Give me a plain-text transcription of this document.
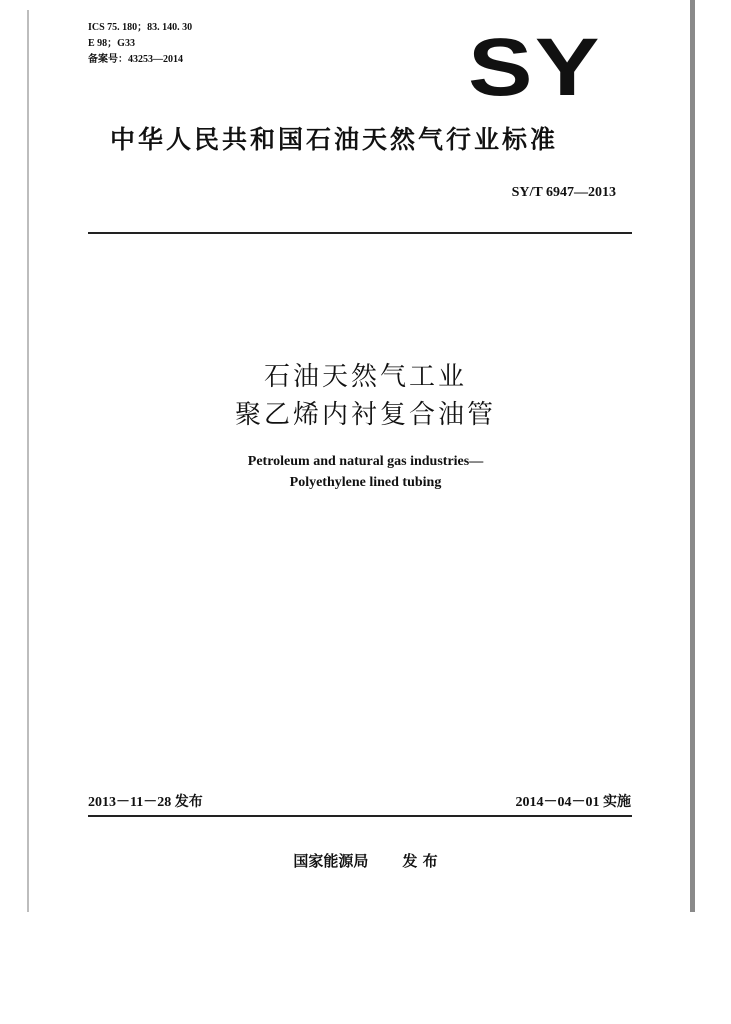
ICS 75. 180；83. 140. 30
E 98；G33
备案号：43253—2014	SY
中华人民共和国石油天然气行业标准
SY/T 6947—2013
石油天然气工业
聚乙烯内衬复合油管
Petroleum and natural gas industries—
Polyethylene lined tubing
2013－11－28 发布	2014－04－01 实施
国家能源局 发 布
